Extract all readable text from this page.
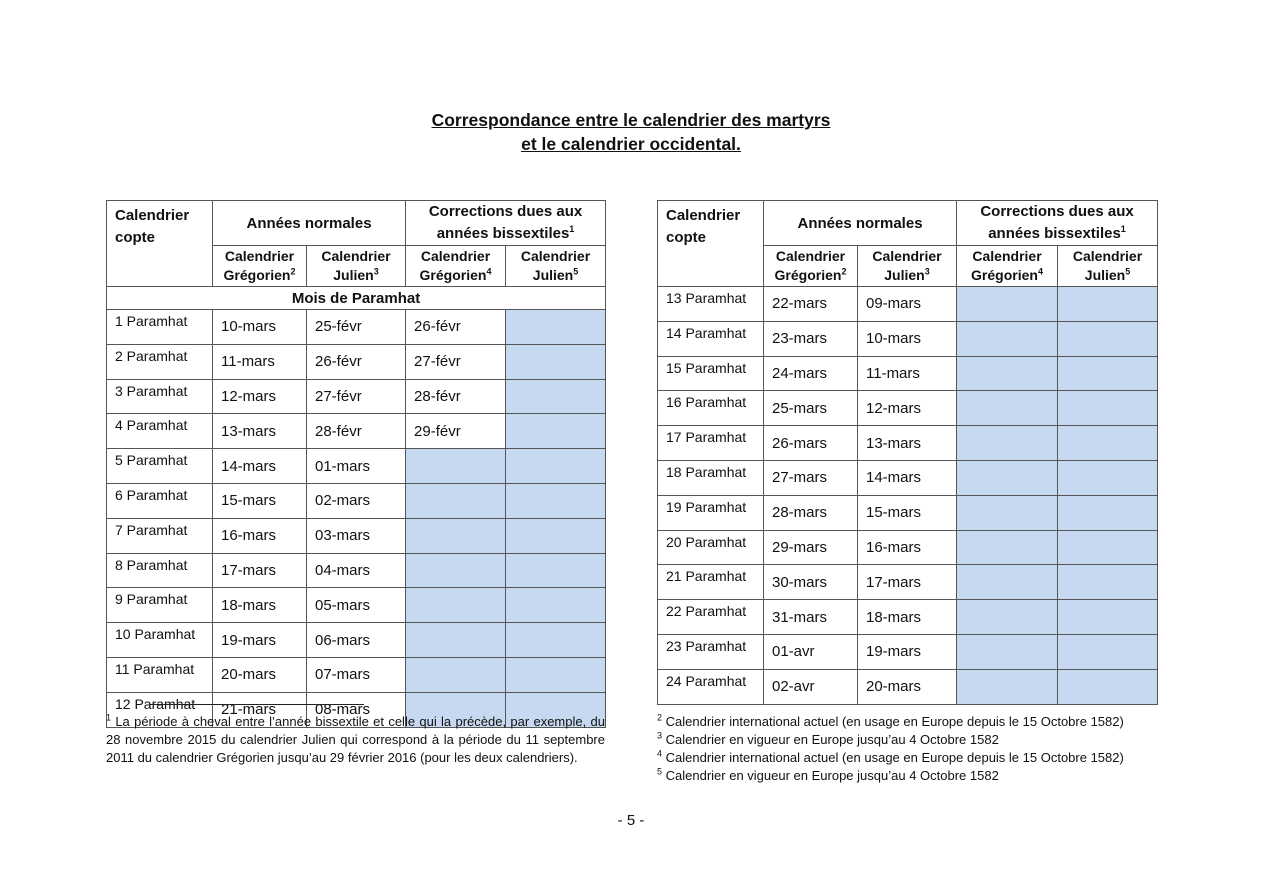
Correspondance entre le calendrier des martyrs
et le calendrier occidental.
Calendrier
copte	Années normales		Corrections dues aux
années bissextiles$^1$
	Calendrier
Grégorien$^2$	Calendrier
Julien$^3$	Calendrier
Grégorien$^4$	Calendrier
Julien$^5$
Mois de Paramhat				
1 Paramhat	10-mars	25-févr	26-févr	
2 Paramhat	11-mars	26-févr	27-févr	
3 Paramhat	12-mars	27-févr	28-févr	
4 Paramhat	13-mars	28-févr	29-févr	
5 Paramhat	14-mars	01-mars		
6 Paramhat	15-mars	02-mars		
7 Paramhat	16-mars	03-mars		
8 Paramhat	17-mars	04-mars		
9 Paramhat	18-mars	05-mars		
10 Paramhat	19-mars	06-mars		
11 Paramhat	20-mars	07-mars		
12 Paramhat	21-mars	08-mars		
Calendrier
copte	Années normales		Corrections dues aux
années bissextiles$^1$
	Calendrier
Grégorien$^2$	Calendrier
Julien$^3$	Calendrier
Grégorien$^4$	Calendrier
Julien$^5$
13 Paramhat	22-mars	09-mars		
14 Paramhat	23-mars	10-mars		
15 Paramhat	24-mars	11-mars		
16 Paramhat	25-mars	12-mars		
17 Paramhat	26-mars	13-mars		
18 Paramhat	27-mars	14-mars		
19 Paramhat	28-mars	15-mars		
20 Paramhat	29-mars	16-mars		
21 Paramhat	30-mars	17-mars		
22 Paramhat	31-mars	18-mars		
23 Paramhat	01-avr	19-mars		
24 Paramhat	02-avr	20-mars		
$^1$ La période à cheval entre l’année bissextile et celle qui la précède, par exemple, du 28 novembre 2015 du calendrier Julien qui correspond à la période du 11 septembre 2011 du calendrier Grégorien jusqu’au 29 février 2016 (pour les deux calendriers).
$^2$ Calendrier international actuel (en usage en Europe depuis le 15 Octobre 1582)
$^3$ Calendrier en vigueur en Europe jusqu’au 4 Octobre 1582
$^4$ Calendrier international actuel (en usage en Europe depuis le 15 Octobre 1582)
$^5$ Calendrier en vigueur en Europe jusqu’au 4 Octobre 1582
- 5 -
